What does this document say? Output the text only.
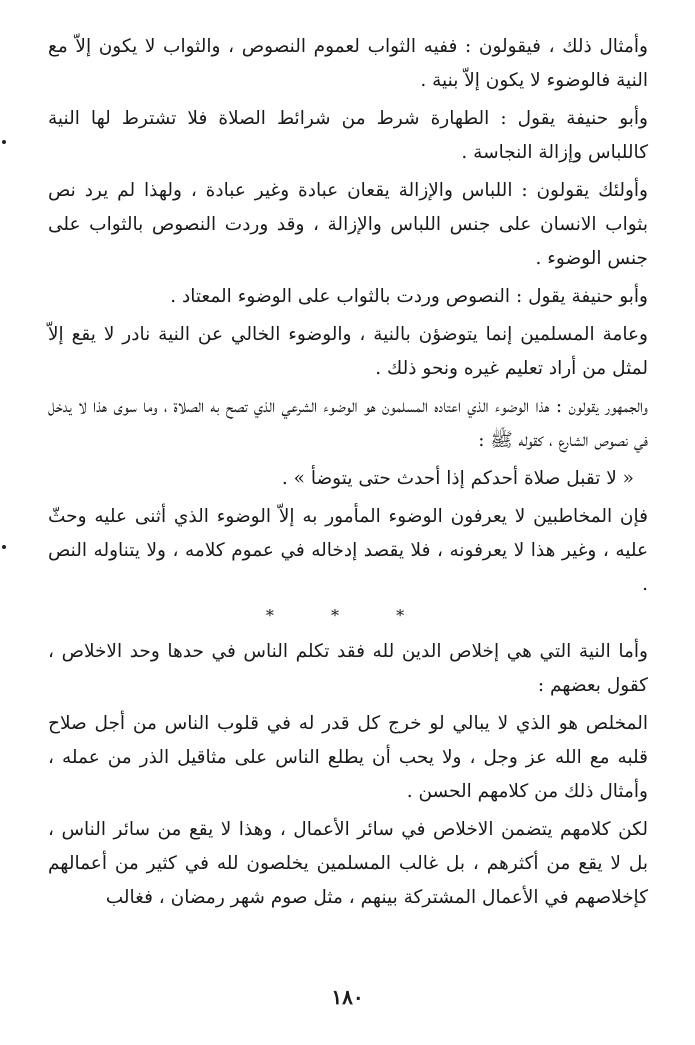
وأمثال ذلك ، فيقولون : ففيه الثواب لعموم النصوص ، والثواب لا يكون إلاّ مع النية فالوضوء لا يكون إلاّ بنية .

وأبو حنيفة يقول : الطهارة شرط من شرائط الصلاة فلا تشترط لها النية كاللباس وإزالة النجاسة .

وأولئك يقولون : اللباس والإزالة يقعان عبادة وغير عبادة ، ولهذا لم يرد نص بثواب الانسان على جنس اللباس والإزالة ، وقد وردت النصوص بالثواب على جنس الوضوء .

وأبو حنيفة يقول : النصوص وردت بالثواب على الوضوء المعتاد .

وعامة المسلمين إنما يتوضؤن بالنية ، والوضوء الخالي عن النية نادر لا يقع إلاّ لمثل من أراد تعليم غيره ونحو ذلك .

والجمهور يقولون : هذا الوضوء الذي اعتاده المسلمون هو الوضوء الشرعي الذي تصح به الصلاة ، وما سوى هذا لا يدخل في نصوص الشارع ، كقوله ﷺ :

« لا تقبل صلاة أحدكم إذا أحدث حتى يتوضأ » .

فإن المخاطبين لا يعرفون الوضوء المأمور به إلاّ الوضوء الذي أثنى عليه وحثّ عليه ، وغير هذا لا يعرفونه ، فلا يقصد إدخاله في عموم كلامه ، ولا يتناوله النص .

* * *

وأما النية التي هي إخلاص الدين لله فقد تكلم الناس في حدها وحد الاخلاص ، كقول بعضهم :

المخلص هو الذي لا يبالي لو خرج كل قدر له في قلوب الناس من أجل صلاح قلبه مع الله عز وجل ، ولا يحب أن يطلع الناس على مثاقيل الذر من عمله ، وأمثال ذلك من كلامهم الحسن .

لكن كلامهم يتضمن الاخلاص في سائر الأعمال ، وهذا لا يقع من سائر الناس ، بل لا يقع من أكثرهم ، بل غالب المسلمين يخلصون لله في كثير من أعمالهم كإخلاصهم في الأعمال المشتركة بينهم ، مثل صوم شهر رمضان ، فغالب

١٨٠
